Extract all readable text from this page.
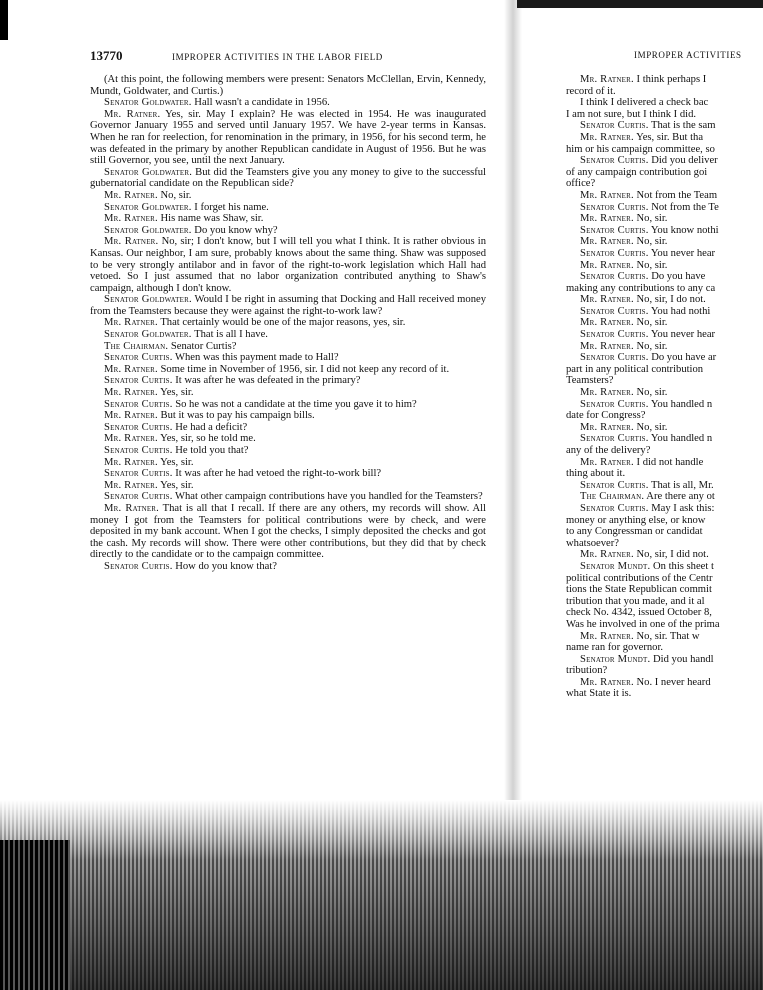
13770	IMPROPER ACTIVITIES IN THE LABOR FIELD

(At this point, the following members were present: Senators McClellan, Ervin, Kennedy, Mundt, Goldwater, and Curtis.)

Senator Goldwater. Hall wasn't a candidate in 1956.

Mr. Ratner. Yes, sir. May I explain? He was elected in 1954. He was inaugurated Governor January 1955 and served until January 1957. We have 2-year terms in Kansas. When he ran for reelection, for renomination in the primary, in 1956, for his second term, he was defeated in the primary by another Republican candidate in August of 1956. But he was still Governor, you see, until the next January.

Senator Goldwater. But did the Teamsters give you any money to give to the successful gubernatorial candidate on the Republican side?

Mr. Ratner. No, sir.

Senator Goldwater. I forget his name.

Mr. Ratner. His name was Shaw, sir.

Senator Goldwater. Do you know why?

Mr. Ratner. No, sir; I don't know, but I will tell you what I think. It is rather obvious in Kansas. Our neighbor, I am sure, probably knows about the same thing. Shaw was supposed to be very strongly antilabor and in favor of the right-to-work legislation which Hall had vetoed. So I just assumed that no labor organization contributed anything to Shaw's campaign, although I don't know.

Senator Goldwater. Would I be right in assuming that Docking and Hall received money from the Teamsters because they were against the right-to-work law?

Mr. Ratner. That certainly would be one of the major reasons, yes, sir.

Senator Goldwater. That is all I have.

The Chairman. Senator Curtis?

Senator Curtis. When was this payment made to Hall?

Mr. Ratner. Some time in November of 1956, sir. I did not keep any record of it.

Senator Curtis. It was after he was defeated in the primary?

Mr. Ratner. Yes, sir.

Senator Curtis. So he was not a candidate at the time you gave it to him?

Mr. Ratner. But it was to pay his campaign bills.

Senator Curtis. He had a deficit?

Mr. Ratner. Yes, sir, so he told me.

Senator Curtis. He told you that?

Mr. Ratner. Yes, sir.

Senator Curtis. It was after he had vetoed the right-to-work bill?

Mr. Ratner. Yes, sir.

Senator Curtis. What other campaign contributions have you handled for the Teamsters?

Mr. Ratner. That is all that I recall. If there are any others, my records will show. All money I got from the Teamsters for political contributions were by check, and were deposited in my bank account. When I got the checks, I simply deposited the checks and got the cash. My records will show. There were other contributions, but they did that by check directly to the candidate or to the campaign committee.

Senator Curtis. How do you know that?

IMPROPER ACTIVITIES

Mr. Ratner. I think perhaps I

record of it.

I think I delivered a check bac

I am not sure, but I think I did.

Senator Curtis. That is the sam

Mr. Ratner. Yes, sir. But tha

him or his campaign committee, so

Senator Curtis. Did you deliver

of any campaign contribution goi

office?

Mr. Ratner. Not from the Team

Senator Curtis. Not from the Te

Mr. Ratner. No, sir.

Senator Curtis. You know nothi

Mr. Ratner. No, sir.

Senator Curtis. You never hear

Mr. Ratner. No, sir.

Senator Curtis. Do you have

making any contributions to any ca

Mr. Ratner. No, sir, I do not.

Senator Curtis. You had nothi

Mr. Ratner. No, sir.

Senator Curtis. You never hear

Mr. Ratner. No, sir.

Senator Curtis. Do you have ar

part in any political contribution

Teamsters?

Mr. Ratner. No, sir.

Senator Curtis. You handled n

date for Congress?

Mr. Ratner. No, sir.

Senator Curtis. You handled n

any of the delivery?

Mr. Ratner. I did not handle

thing about it.

Senator Curtis. That is all, Mr.

The Chairman. Are there any ot

Senator Curtis. May I ask this:

money or anything else, or know

to any Congressman or candidat

whatsoever?

Mr. Ratner. No, sir, I did not.

Senator Mundt. On this sheet t

political contributions of the Centr

tions the State Republican commit

tribution that you made, and it al

check No. 4342, issued October 8,

Was he involved in one of the prima

Mr. Ratner. No, sir. That w

name ran for governor.

Senator Mundt. Did you handl

tribution?

Mr. Ratner. No. I never heard

what State it is.
